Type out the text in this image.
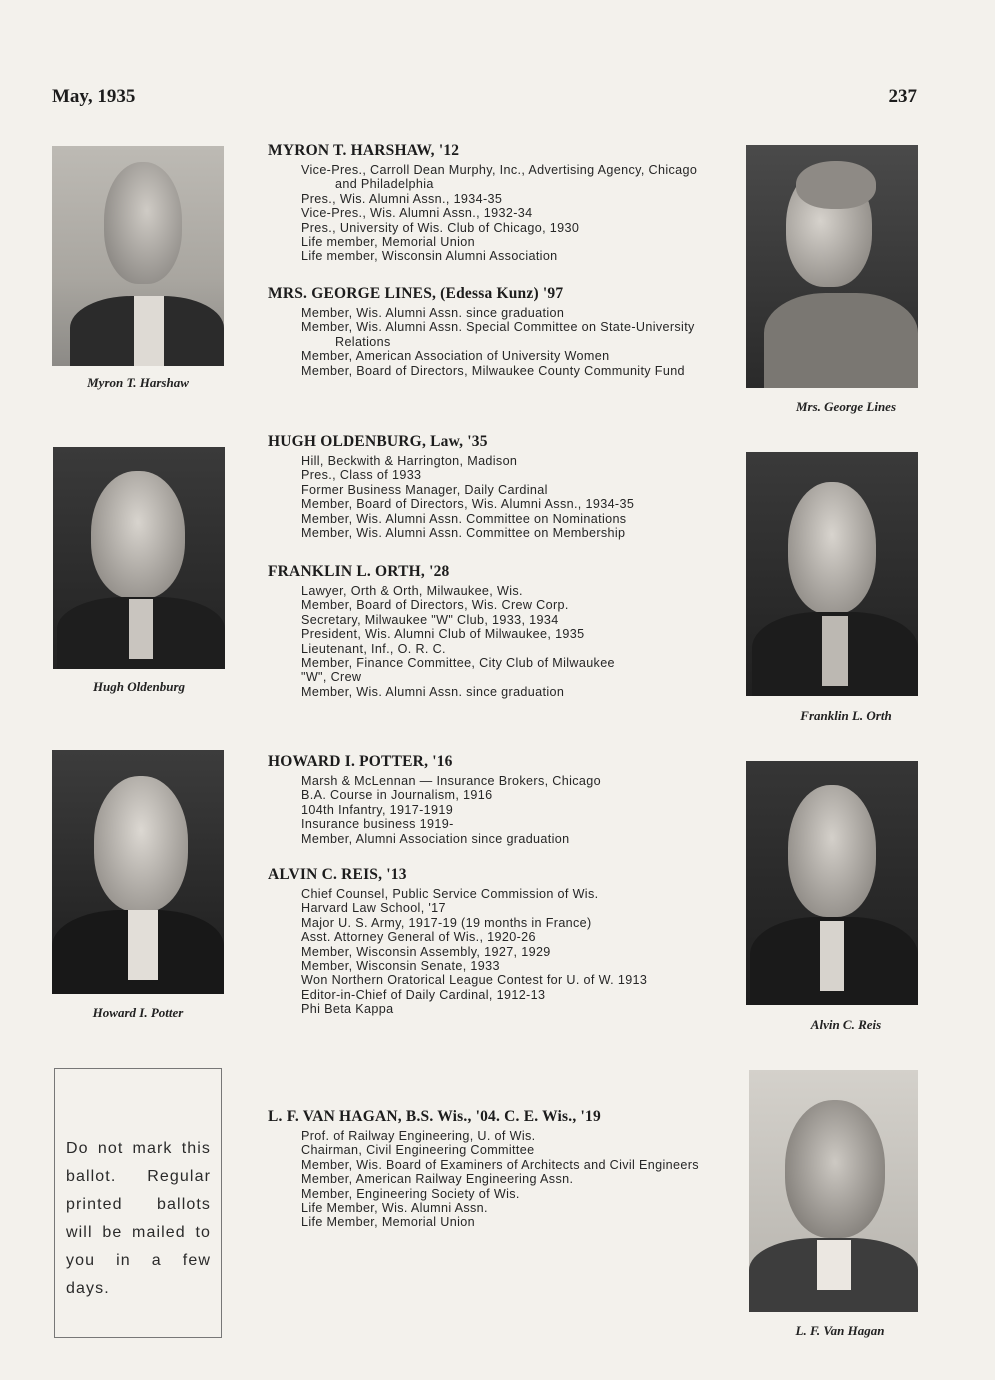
May, 1935	237
Myron T. Harshaw
Hugh Oldenburg
Howard I. Potter
Mrs. George Lines
Franklin L. Orth
Alvin C. Reis
L. F. Van Hagan
MYRON T. HARSHAW, '12
Vice-Pres., Carroll Dean Murphy, Inc., Advertising Agency, Chicago and Philadelphia
Pres., Wis. Alumni Assn., 1934-35
Vice-Pres., Wis. Alumni Assn., 1932-34
Pres., University of Wis. Club of Chicago, 1930
Life member, Memorial Union
Life member, Wisconsin Alumni Association
MRS. GEORGE LINES, (Edessa Kunz) '97
Member, Wis. Alumni Assn. since graduation
Member, Wis. Alumni Assn. Special Committee on State-University Relations
Member, American Association of University Women
Member, Board of Directors, Milwaukee County Community Fund
HUGH OLDENBURG, Law, '35
Hill, Beckwith & Harrington, Madison
Pres., Class of 1933
Former Business Manager, Daily Cardinal
Member, Board of Directors, Wis. Alumni Assn., 1934-35
Member, Wis. Alumni Assn. Committee on Nominations
Member, Wis. Alumni Assn. Committee on Membership
FRANKLIN L. ORTH, '28
Lawyer, Orth & Orth, Milwaukee, Wis.
Member, Board of Directors, Wis. Crew Corp.
Secretary, Milwaukee "W" Club, 1933, 1934
President, Wis. Alumni Club of Milwaukee, 1935
Lieutenant, Inf., O. R. C.
Member, Finance Committee, City Club of Milwaukee
"W", Crew
Member, Wis. Alumni Assn. since graduation
HOWARD I. POTTER, '16
Marsh & McLennan — Insurance Brokers, Chicago
B.A. Course in Journalism, 1916
104th Infantry, 1917-1919
Insurance business 1919-
Member, Alumni Association since graduation
ALVIN C. REIS, '13
Chief Counsel, Public Service Commission of Wis.
Harvard Law School, '17
Major U. S. Army, 1917-19 (19 months in France)
Asst. Attorney General of Wis., 1920-26
Member, Wisconsin Assembly, 1927, 1929
Member, Wisconsin Senate, 1933
Won Northern Oratorical League Contest for U. of W. 1913
Editor-in-Chief of Daily Cardinal, 1912-13
Phi Beta Kappa
L. F. VAN HAGAN, B.S. Wis., '04. C. E. Wis., '19
Prof. of Railway Engineering, U. of Wis.
Chairman, Civil Engineering Committee
Member, Wis. Board of Examiners of Architects and Civil Engineers
Member, American Railway Engineering Assn.
Member, Engineering Society of Wis.
Life Member, Wis. Alumni Assn.
Life Member, Memorial Union
Do not mark this ballot. Regular printed ballots will be mailed to you in a few days.
